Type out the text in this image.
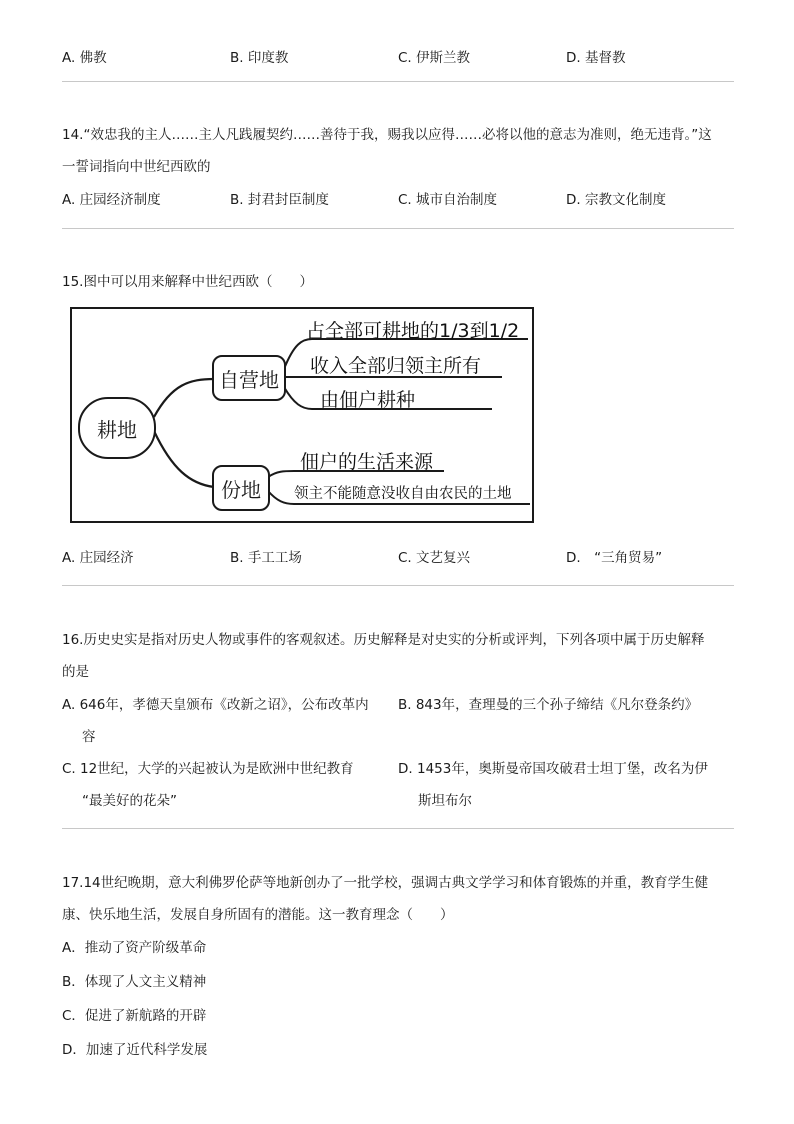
A. 佛教	B. 印度教	C. 伊斯兰教	D. 基督教
14.“效忠我的主人……主人凡践履契约……善待于我，赐我以应得……必将以他的意志为准则，绝无违背。”这
一誓词指向中世纪西欧的
A. 庄园经济制度	B. 封君封臣制度	C. 城市自治制度	D. 宗教文化制度
15.图中可以用来解释中世纪西欧（　　）
耕地
自营地
份地
占全部可耕地的1/3到1/2
收入全部归领主所有
由佃户耕种
佃户的生活来源
领主不能随意没收自由农民的土地
A. 庄园经济	B. 手工工场	C. 文艺复兴	D.　“三角贸易”
16.历史史实是指对历史人物或事件的客观叙述。历史解释是对史实的分析或评判，下列各项中属于历史解释
的是
A. 646年，孝德天皇颁布《改新之诏》，公布改革内
容
B. 843年，查理曼的三个孙子缔结《凡尔登条约》
C. 12世纪，大学的兴起被认为是欧洲中世纪教育
“最美好的花朵”
D. 1453年，奥斯曼帝国攻破君士坦丁堡，改名为伊
斯坦布尔
17.14世纪晚期，意大利佛罗伦萨等地新创办了一批学校，强调古典文学学习和体育锻炼的并重，教育学生健
康、快乐地生活，发展自身所固有的潜能。这一教育理念（　　）
A．推动了资产阶级革命
B．体现了人文主义精神
C．促进了新航路的开辟
D．加速了近代科学发展
